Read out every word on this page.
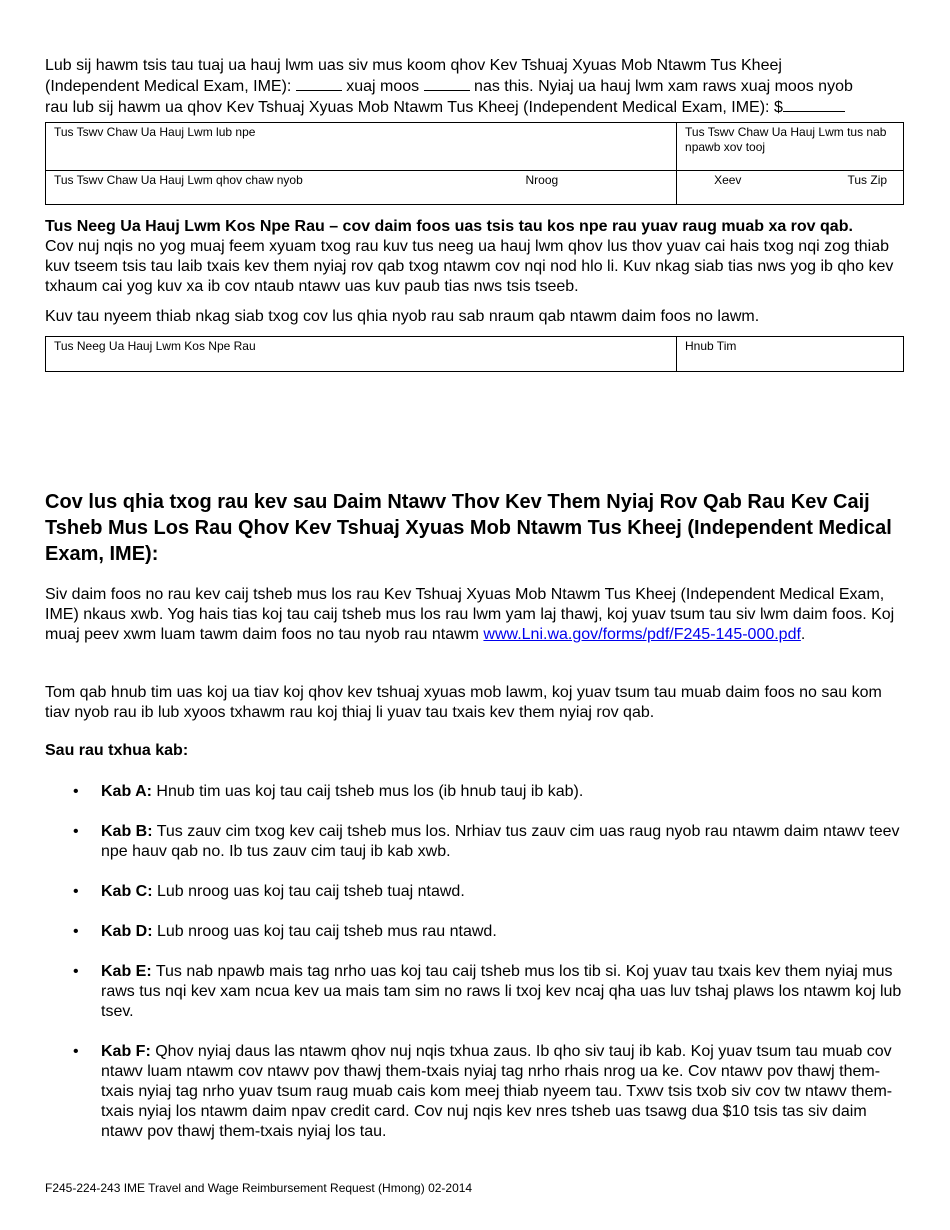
Lub sij hawm tsis tau tuaj ua hauj lwm uas siv mus koom qhov Kev Tshuaj Xyuas Mob Ntawm Tus Kheej

(Independent Medical Exam, IME):	xuaj moos	nas this. Nyiaj ua hauj lwm xam raws xuaj moos nyob

rau lub sij hawm ua qhov Kev Tshuaj Xyuas Mob Ntawm Tus Kheej (Independent Medical Exam, IME): $

Tus Tswv Chaw Ua Hauj Lwm lub npe		Tus Tswv Chaw Ua Hauj Lwm tus nab npawb xov tooj	
Tus Tswv Chaw Ua Hauj Lwm qhov chaw nyob	Nroog	Xeev	Tus Zip

Tus Neeg Ua Hauj Lwm Kos Npe Rau – cov daim foos uas tsis tau kos npe rau yuav raug muab xa rov qab.

Cov nuj nqis no yog muaj feem xyuam txog rau kuv tus neeg ua hauj lwm qhov lus thov yuav cai hais txog nqi zog thiab kuv tseem tsis tau laib txais kev them nyiaj rov qab txog ntawm cov nqi nod hlo li. Kuv nkag siab tias nws yog ib qho kev txhaum cai yog kuv xa ib cov ntaub ntawv uas kuv paub tias nws tsis tseeb.

Kuv tau nyeem thiab nkag siab txog cov lus qhia nyob rau sab nraum qab ntawm daim foos no lawm.

Tus Neeg Ua Hauj Lwm Kos Npe Rau	Hnub Tim
Cov lus qhia txog rau kev sau Daim Ntawv Thov Kev Them Nyiaj Rov Qab Rau Kev Caij Tsheb Mus Los Rau Qhov Kev Tshuaj Xyuas Mob Ntawm Tus Kheej (Independent Medical Exam, IME):

Siv daim foos no rau kev caij tsheb mus los rau Kev Tshuaj Xyuas Mob Ntawm Tus Kheej (Independent Medical Exam, IME) nkaus xwb. Yog hais tias koj tau caij tsheb mus los rau lwm yam laj thawj, koj yuav tsum tau siv lwm daim foos. Koj muaj peev xwm luam tawm daim foos no tau nyob rau ntawm www.Lni.wa.gov/forms/pdf/F245-145-000.pdf.

Tom qab hnub tim uas koj ua tiav koj qhov kev tshuaj xyuas mob lawm, koj yuav tsum tau muab daim foos no sau kom tiav nyob rau ib lub xyoos txhawm rau koj thiaj li yuav tau txais kev them nyiaj rov qab.

Sau rau txhua kab:

• Kab A: Hnub tim uas koj tau caij tsheb mus los (ib hnub tauj ib kab).
• Kab B: Tus zauv cim txog kev caij tsheb mus los. Nrhiav tus zauv cim uas raug nyob rau ntawm daim ntawv teev npe hauv qab no. Ib tus zauv cim tauj ib kab xwb.
• Kab C: Lub nroog uas koj tau caij tsheb tuaj ntawd.
• Kab D: Lub nroog uas koj tau caij tsheb mus rau ntawd.
• Kab E: Tus nab npawb mais tag nrho uas koj tau caij tsheb mus los tib si. Koj yuav tau txais kev them nyiaj mus raws tus nqi kev xam ncua kev ua mais tam sim no raws li txoj kev ncaj qha uas luv tshaj plaws los ntawm koj lub tsev.
• Kab F: Qhov nyiaj daus las ntawm qhov nuj nqis txhua zaus. Ib qho siv tauj ib kab. Koj yuav tsum tau muab cov ntawv luam ntawm cov ntawv pov thawj them-txais nyiaj tag nrho rhais nrog ua ke. Cov ntawv pov thawj them-txais nyiaj tag nrho yuav tsum raug muab cais kom meej thiab nyeem tau. Txwv tsis txob siv cov tw ntawv them-txais nyiaj los ntawm daim npav credit card. Cov nuj nqis kev nres tsheb uas tsawg dua $10 tsis tas siv daim ntawv pov thawj them-txais nyiaj los tau.
F245-224-243 IME Travel and Wage Reimbursement Request (Hmong) 02-2014
